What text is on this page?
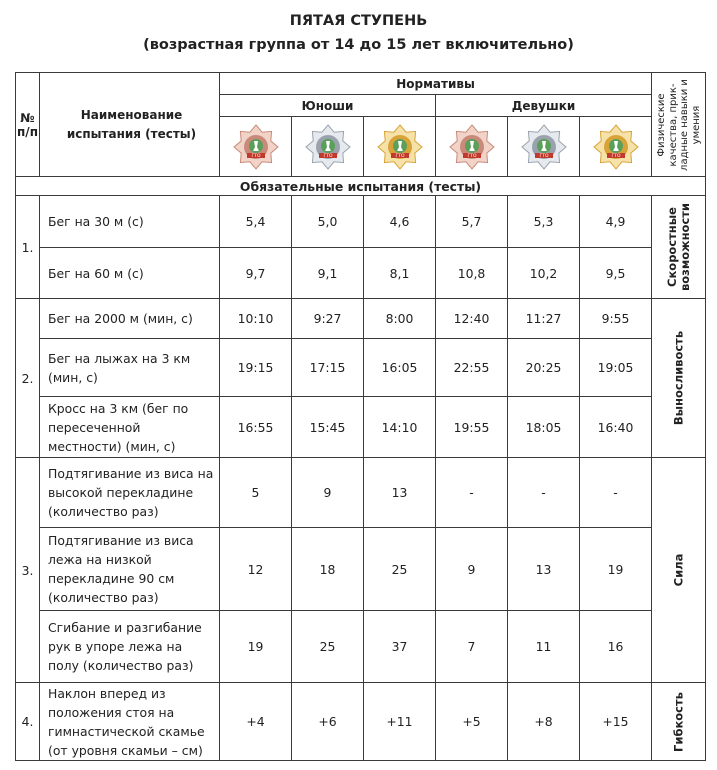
ПЯТАЯ СТУПЕНЬ
(возрастная группа от 14 до 15 лет включительно)
№ п/п	Наименование испытания (тесты)	Нормативы						Физические качества, прик-ладные навыки и умения

		Юноши			Девушки			

ГТО	ГТО	ГТО	ГТО	ГТО	ГТО	

Обязательные испытания (тесты)								
1.	Бег на 30 м (с)	5,4	5,0	4,6	5,7	5,3	4,9	Скоростные
возможности

	Бег на 60 м (с)	9,7	9,1	8,1	10,8	10,2	9,5	
2.	Бег на 2000 м (мин, с)	10:10	9:27	8:00	12:40	11:27	9:55	Выносливость

	Бег на лыжах на 3 км (мин, с)	19:15	17:15	16:05	22:55	20:25	19:05	
	Кросс на 3 км (бег по пересеченной местности) (мин, с)	16:55	15:45	14:10	19:55	18:05	16:40	
3.	Подтягивание из виса на высокой перекладине (количество раз)	5	9	13	-	-	-	Сила

	Подтягивание из виса лежа на низкой перекладине 90 см (количество раз)	12	18	25	9	13	19	
	Сгибание и разгибание рук в упоре лежа на полу (количество раз)	19	25	37	7	11	16	
4.	Наклон вперед из положения стоя на гимнастической скамье (от уровня скамьи – см)	+4	+6	+11	+5	+8	+15	Гибкость
